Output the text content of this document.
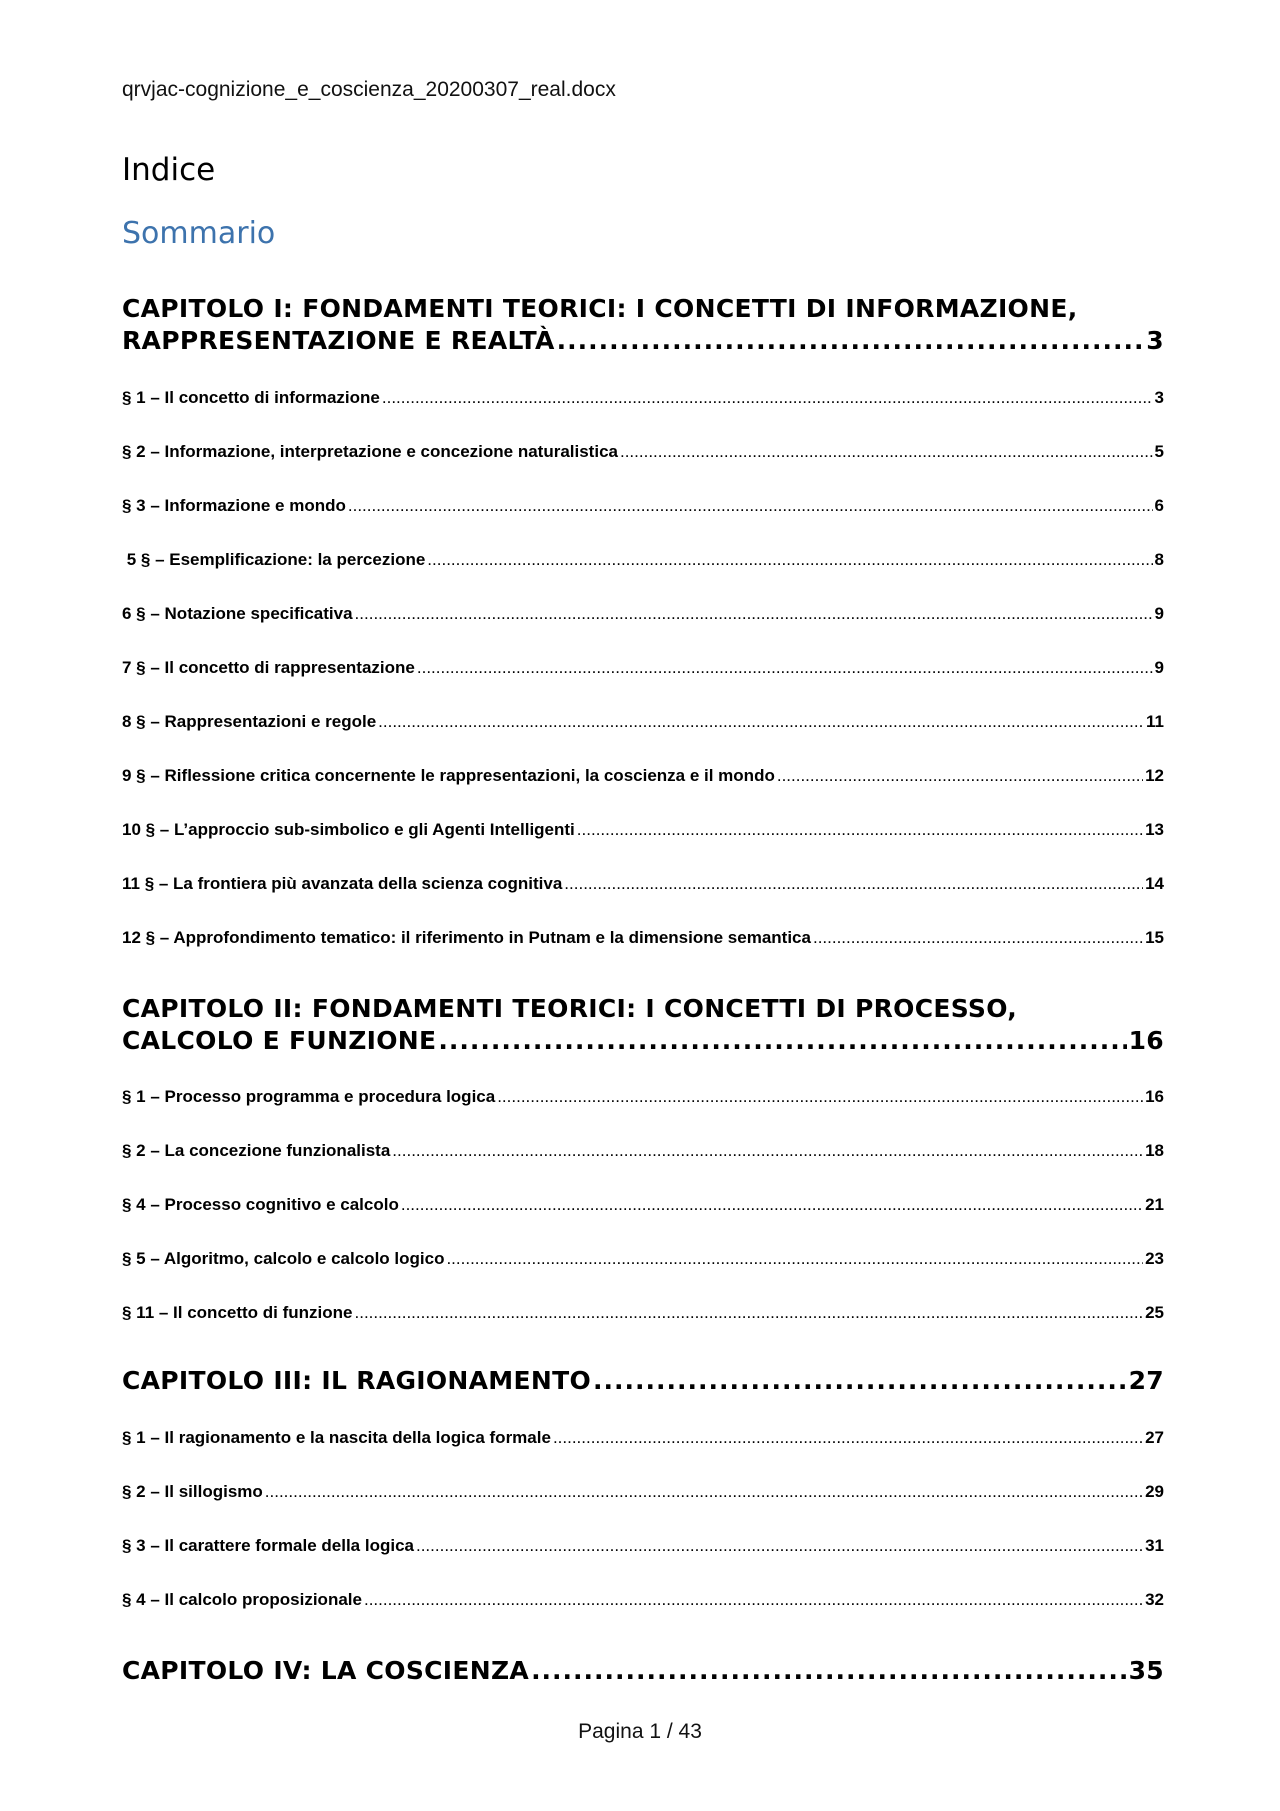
qrvjac-cognizione_e_coscienza_20200307_real.docx
Indice
Sommario
CAPITOLO I: FONDAMENTI TEORICI: I CONCETTI DI INFORMAZIONE,
RAPPRESENTAZIONE E REALTÀ .....	3
§ 1 – Il concetto di informazione .....	3
§ 2 – Informazione, interpretazione e concezione naturalistica .....	5
§ 3 – Informazione e mondo .....	6
5 § – Esemplificazione: la percezione .....	8
6 § – Notazione specificativa .....	9
7 § – Il concetto di rappresentazione .....	9
8 § – Rappresentazioni e regole .....	11
9 § – Riflessione critica concernente le rappresentazioni, la coscienza e il mondo .....	12
10 § – L’approccio sub-simbolico e gli Agenti Intelligenti .....	13
11 § – La frontiera più avanzata della scienza cognitiva .....	14
12 § – Approfondimento tematico: il riferimento in Putnam e la dimensione semantica .....	15
CAPITOLO II: FONDAMENTI TEORICI: I CONCETTI DI PROCESSO,
CALCOLO E FUNZIONE .....	16
§ 1 – Processo programma e procedura logica .....	16
§ 2 – La concezione funzionalista .....	18
§ 4 – Processo cognitivo e calcolo .....	21
§ 5 – Algoritmo, calcolo e calcolo logico .....	23
§ 11 – Il concetto di funzione .....	25
CAPITOLO III: IL RAGIONAMENTO .....	27
§ 1 – Il ragionamento e la nascita della logica formale .....	27
§ 2 – Il sillogismo .....	29
§ 3 – Il carattere formale della logica .....	31
§ 4 – Il calcolo proposizionale .....	32
CAPITOLO IV: LA COSCIENZA .....	35
Pagina 1 / 43
